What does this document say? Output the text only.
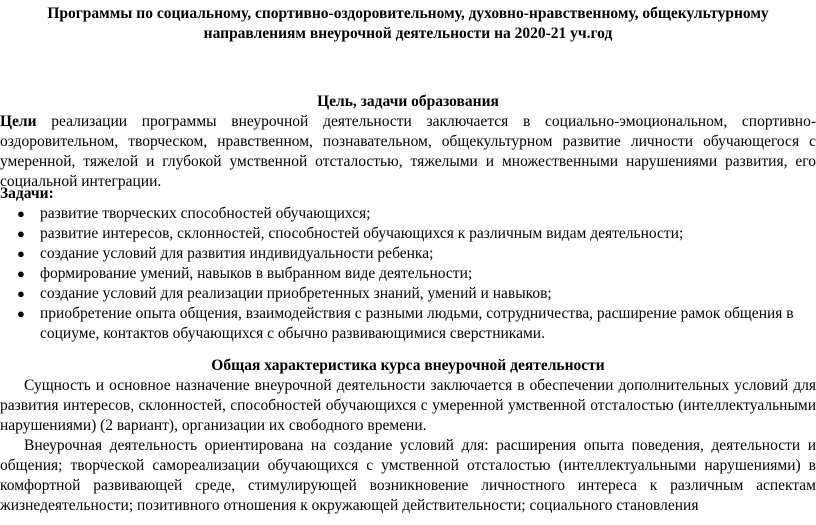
Программы по социальному, спортивно-оздоровительному, духовно-нравственному, общекультурному
направлениям внеурочной деятельности на 2020-21 уч.год
Цель, задачи образования
Цели реализации программы внеурочной деятельности заключается в социально-эмоциональном, спортивно-оздоровительном, творческом, нравственном, познавательном, общекультурном развитие личности обучающегося с умеренной, тяжелой и глубокой умственной отсталостью, тяжелыми и множественными нарушениями развития, его социальной интеграции.
Задачи:
● развитие творческих способностей обучающихся;
● развитие интересов, склонностей, способностей обучающихся к различным видам деятельности;
● создание условий для развития индивидуальности ребенка;
● формирование умений, навыков в выбранном виде деятельности;
● создание условий для реализации приобретенных знаний, умений и навыков;
● приобретение опыта общения, взаимодействия с разными людьми, сотрудничества, расширение рамок общения в социуме, контактов обучающихся с обычно развивающимися сверстниками.
Общая характеристика курса внеурочной деятельности
Сущность и основное назначение внеурочной деятельности заключается в обеспечении дополнительных условий для развития интересов, склонностей, способностей обучающихся с умеренной умственной отсталостью (интеллектуальными нарушениями) (2 вариант), организации их свободного времени.
Внеурочная деятельность ориентирована на создание условий для: расширения опыта поведения, деятельности и общения; творческой самореализации обучающихся с умственной отсталостью (интеллектуальными нарушениями) в комфортной развивающей среде, стимулирующей возникновение личностного интереса к различным аспектам жизнедеятельности; позитивного отношения к окружающей действительности; социального становления
